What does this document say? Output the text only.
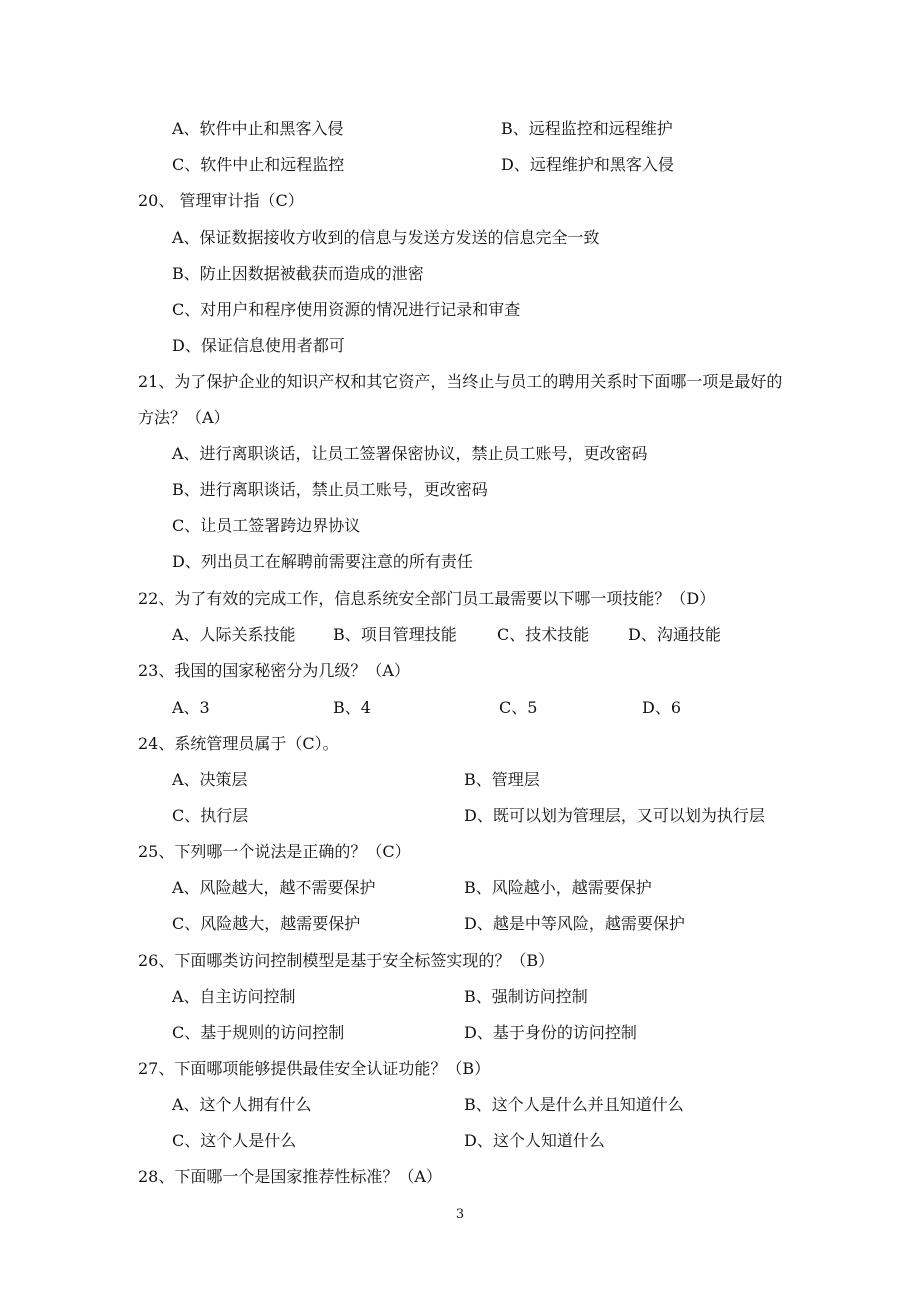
A、软件中止和黑客入侵	B、远程监控和远程维护
C、软件中止和远程监控	D、远程维护和黑客入侵
20、 管理审计指（C）
A、保证数据接收方收到的信息与发送方发送的信息完全一致
B、防止因数据被截获而造成的泄密
C、对用户和程序使用资源的情况进行记录和审查
D、保证信息使用者都可
21、为了保护企业的知识产权和其它资产，当终止与员工的聘用关系时下面哪一项是最好的
方法？（A）
A、进行离职谈话，让员工签署保密协议，禁止员工账号，更改密码
B、进行离职谈话，禁止员工账号，更改密码
C、让员工签署跨边界协议
D、列出员工在解聘前需要注意的所有责任
22、为了有效的完成工作，信息系统安全部门员工最需要以下哪一项技能？（D）
A、人际关系技能 B、项目管理技能	C、技术技能 D、沟通技能
23、我国的国家秘密分为几级？（A）
A、3	B、4	C、5	D、6
24、系统管理员属于（C）。
A、决策层	B、管理层
C、执行层	D、既可以划为管理层，又可以划为执行层
25、下列哪一个说法是正确的？（C）
A、风险越大，越不需要保护	B、风险越小，越需要保护
C、风险越大，越需要保护	D、越是中等风险，越需要保护
26、下面哪类访问控制模型是基于安全标签实现的？（B）
A、自主访问控制	B、强制访问控制
C、基于规则的访问控制	D、基于身份的访问控制
27、下面哪项能够提供最佳安全认证功能？（B）
A、这个人拥有什么	B、这个人是什么并且知道什么
C、这个人是什么	D、这个人知道什么
28、下面哪一个是国家推荐性标准？（A）
3
